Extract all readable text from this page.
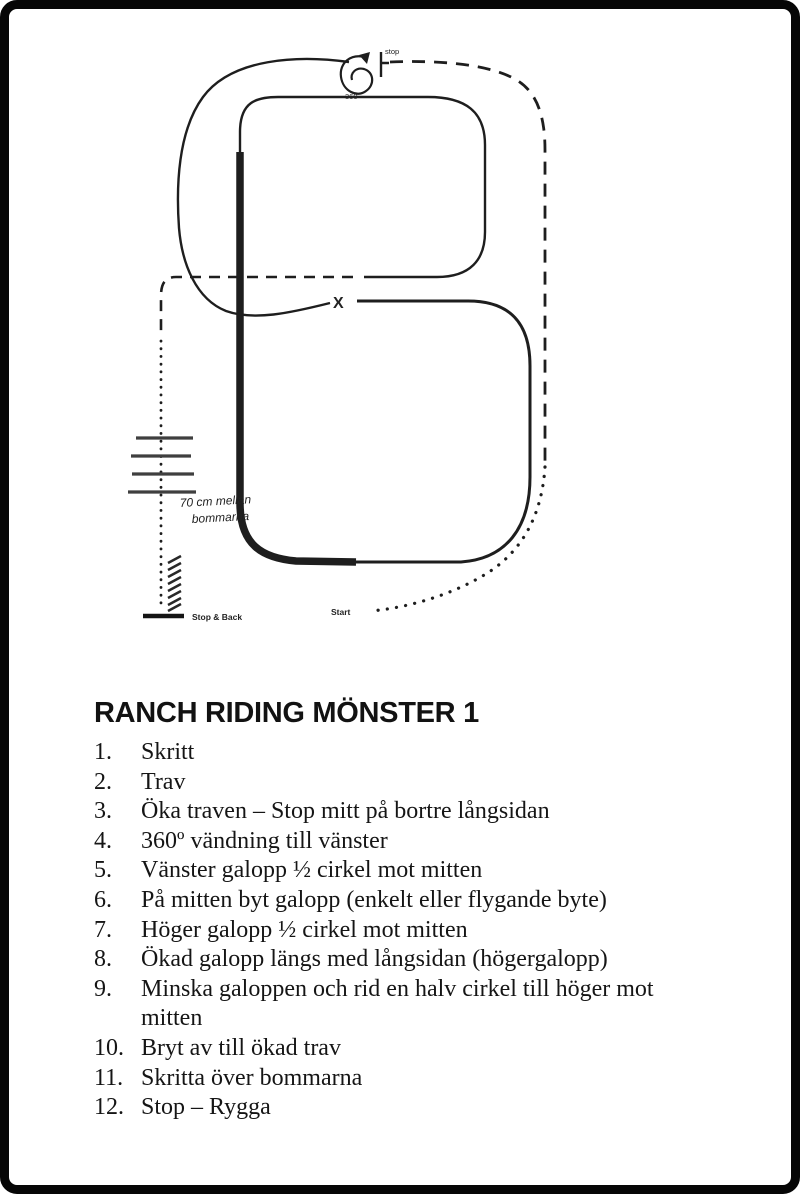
stop
360
X
70 cm mellan
bommarna
Stop & Back	Start
RANCH RIDING MÖNSTER 1
1.	Skritt
2.	Trav
3.	Öka traven – Stop mitt på bortre långsidan
4.	360º vändning till vänster
5.	Vänster galopp ½ cirkel mot mitten
6.	På mitten byt galopp (enkelt eller flygande byte)
7.	Höger galopp ½ cirkel mot mitten
8.	Ökad galopp längs med långsidan (högergalopp)
9.	Minska galoppen och rid en halv cirkel till höger mot mitten
10. Bryt av till ökad trav
11. Skritta över bommarna
12. Stop – Rygga
